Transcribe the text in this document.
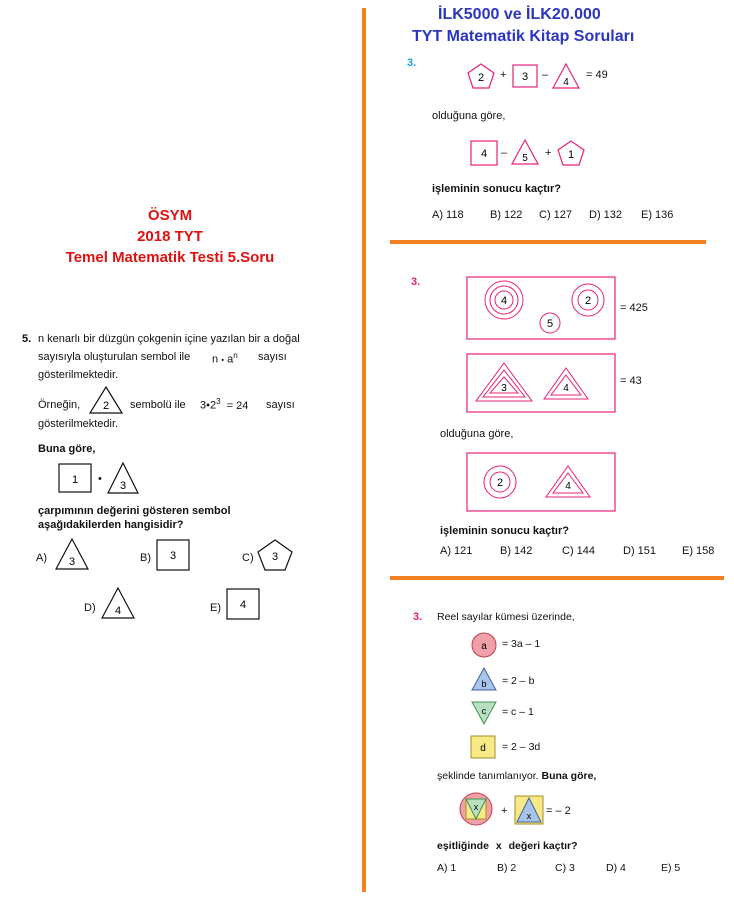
ÖSYM
2018 TYT
Temel Matematik Testi 5.Soru
5. n kenarlı bir düzgün çokgenin içine yazılan bir a doğal
sayısıyla oluşturulan sembol ile n • $a^n$ sayısı
gösterilmektedir.
Örneğin, 2 sembolü ile $3•2^3 = 24$ sayısı
gösterilmektedir.
Buna göre,
1 •
3
çarpımının değerini gösteren sembol
aşağıdakilerden hangisidir?
A) 3	B) 3	C) 3
D) 4	E) 4
İLK5000 ve İLK20.000
TYT Matematik Kitap Soruları
3.
2 + 3 –
4
= 49
olduğuna göre,
4 – 5 + 1
işleminin sonucu kaçtır?
A) 118 B) 122 C) 127 D) 132 E) 136
3.
4	2
5
= 425
3	4
= 43
olduğuna göre,
2	4
işleminin sonucu kaçtır?
A) 121	B) 142	C) 144	D) 151 E) 158
3. Reel sayılar kümesi üzerinde,
a = 3a – 1
b = 2 – b
c = c – 1
d = 2 – 3d
şeklinde tanımlanıyor. Buna göre,
x + x = – 2
eşitliğinde x değeri kaçtır?
A) 1	B) 2	C) 3	D) 4	E) 5
